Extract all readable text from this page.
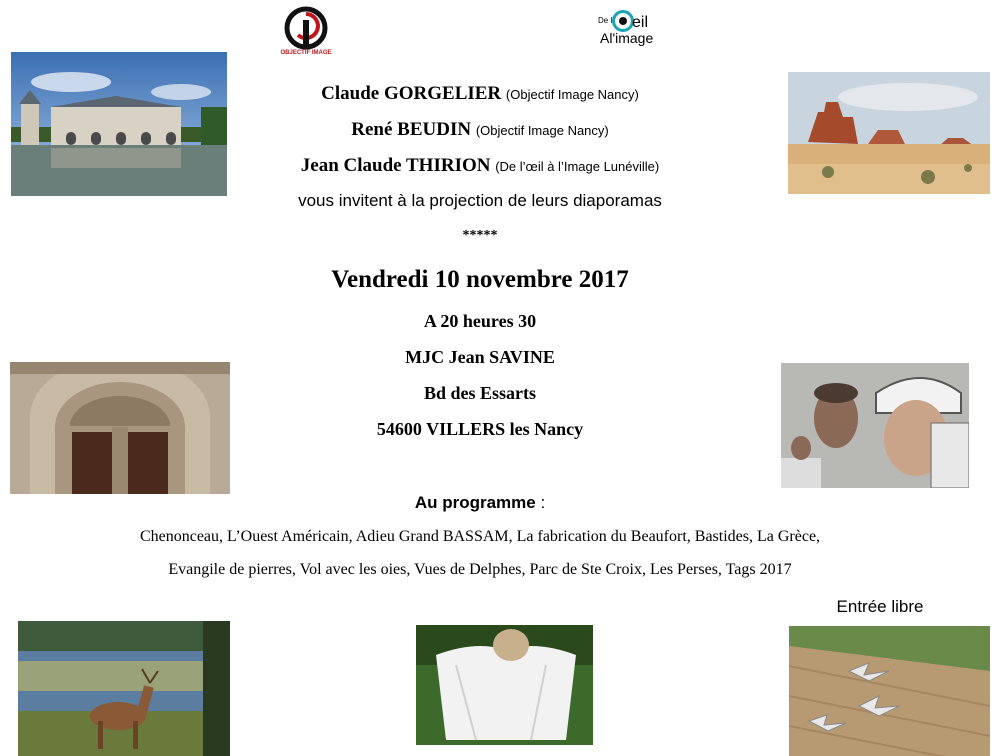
OBJECTIF IMAGE
De l' eil
Al'image
Claude GORGELIER (Objectif Image Nancy)
René BEUDIN (Objectif Image Nancy)
Jean Claude THIRION (De l’œil à l’Image Lunéville)
vous invitent à la projection de leurs diaporamas
*****
Vendredi 10 novembre 2017
A 20 heures 30
MJC Jean SAVINE
Bd des Essarts
54600 VILLERS les Nancy
Au programme :
Chenonceau, L’Ouest Américain, Adieu Grand BASSAM, La fabrication du Beaufort, Bastides, La Grèce,
Evangile de pierres, Vol avec les oies, Vues de Delphes, Parc de Ste Croix, Les Perses, Tags 2017
Entrée libre
